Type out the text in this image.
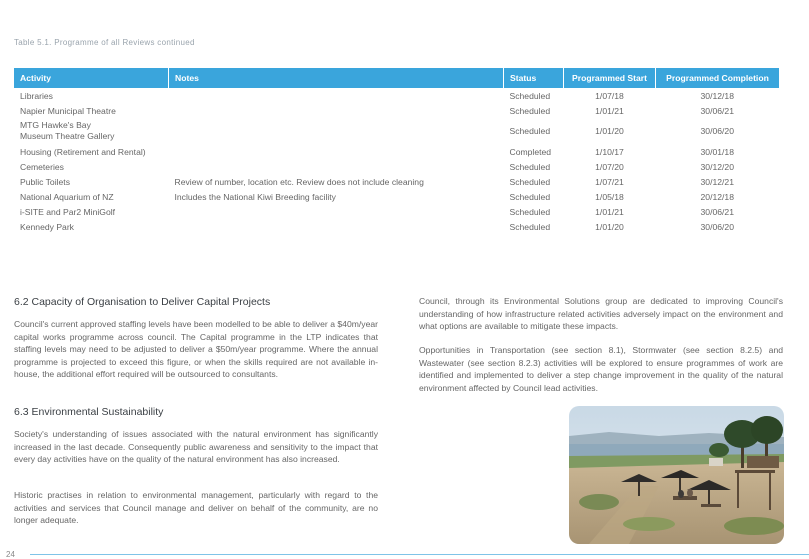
Table 5.1. Programme of all Reviews continued
Activity	Notes	Status	Programmed Start	Programmed Completion
Libraries		Scheduled	1/07/18	30/12/18
Napier Municipal Theatre		Scheduled	1/01/21	30/06/21
MTG Hawke's Bay
Museum Theatre Gallery		Scheduled	1/01/20	30/06/20
Housing (Retirement and Rental)		Completed	1/10/17	30/01/18
Cemeteries		Scheduled	1/07/20	30/12/20
Public Toilets	Review of number, location etc. Review does not include cleaning	Scheduled	1/07/21	30/12/21
National Aquarium of NZ	Includes the National Kiwi Breeding facility	Scheduled	1/05/18	20/12/18
i-SITE and Par2 MiniGolf		Scheduled	1/01/21	30/06/21
Kennedy Park		Scheduled	1/01/20	30/06/20
6.2 Capacity of Organisation to Deliver Capital Projects
Council's current approved staffing levels have been modelled to be able to deliver a $40m/year capital works programme across council. The Capital programme in the LTP indicates that staffing levels may need to be adjusted to deliver a $50m/year programme. Where the annual programme is projected to exceed this figure, or when the skills required are not available in-house, the additional effort required will be outsourced to consultants.
6.3 Environmental Sustainability
Society's understanding of issues associated with the natural environment has significantly increased in the last decade. Consequently public awareness and sensitivity to the impact that every day activities have on the quality of the natural environment has also increased.
Historic practises in relation to environmental management, particularly with regard to the activities and services that Council manage and deliver on behalf of the community, are no longer adequate.
Council, through its Environmental Solutions group are dedicated to improving Council's understanding of how infrastructure related activities adversely impact on the environment and what options are available to mitigate these impacts.
Opportunities in Transportation (see section 8.1), Stormwater (see section 8.2.5) and Wastewater (see section 8.2.3) activities will be explored to ensure programmes of work are identified and implemented to deliver a step change improvement in the quality of the natural environment affected by Council lead activities.
24
